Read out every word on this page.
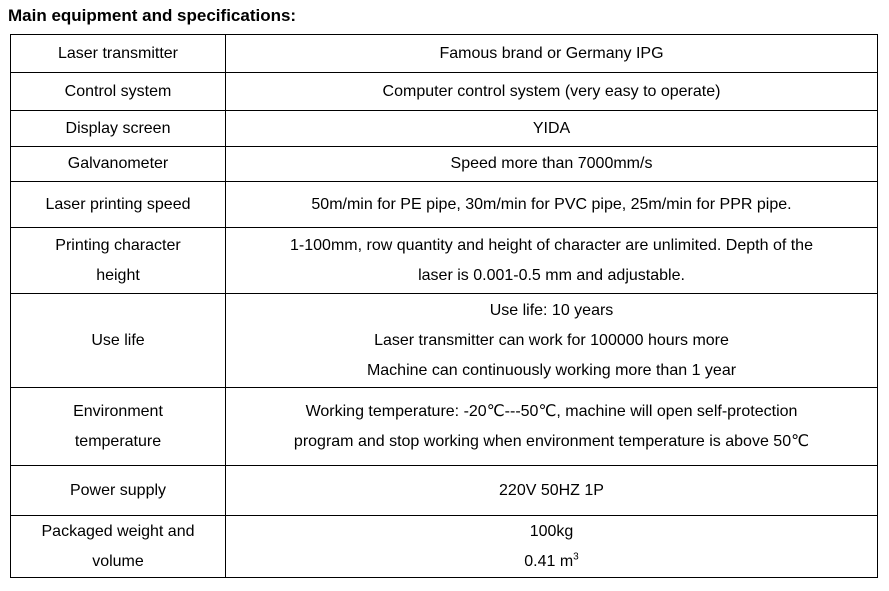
Main equipment and specifications:
Laser transmitter	Famous brand or Germany IPG

Control system	Computer control system (very easy to operate)

Display screen	YIDA

Galvanometer	Speed more than 7000mm/s

Laser printing speed	50m/min for PE pipe, 30m/min for PVC pipe, 25m/min for PPR pipe.

Printing character
height	1-100mm, row quantity and height of character are unlimited. Depth of the
laser is 0.001-0.5 mm and adjustable.

Use life	Use life: 10 years
Laser transmitter can work for 100000 hours more
Machine can continuously working more than 1 year

Environment
temperature	Working temperature: -20℃---50℃, machine will open self-protection
program and stop working when environment temperature is above 50℃

Power supply	220V 50HZ 1P

Packaged weight and
volume	100kg
0.41 $m^3$
